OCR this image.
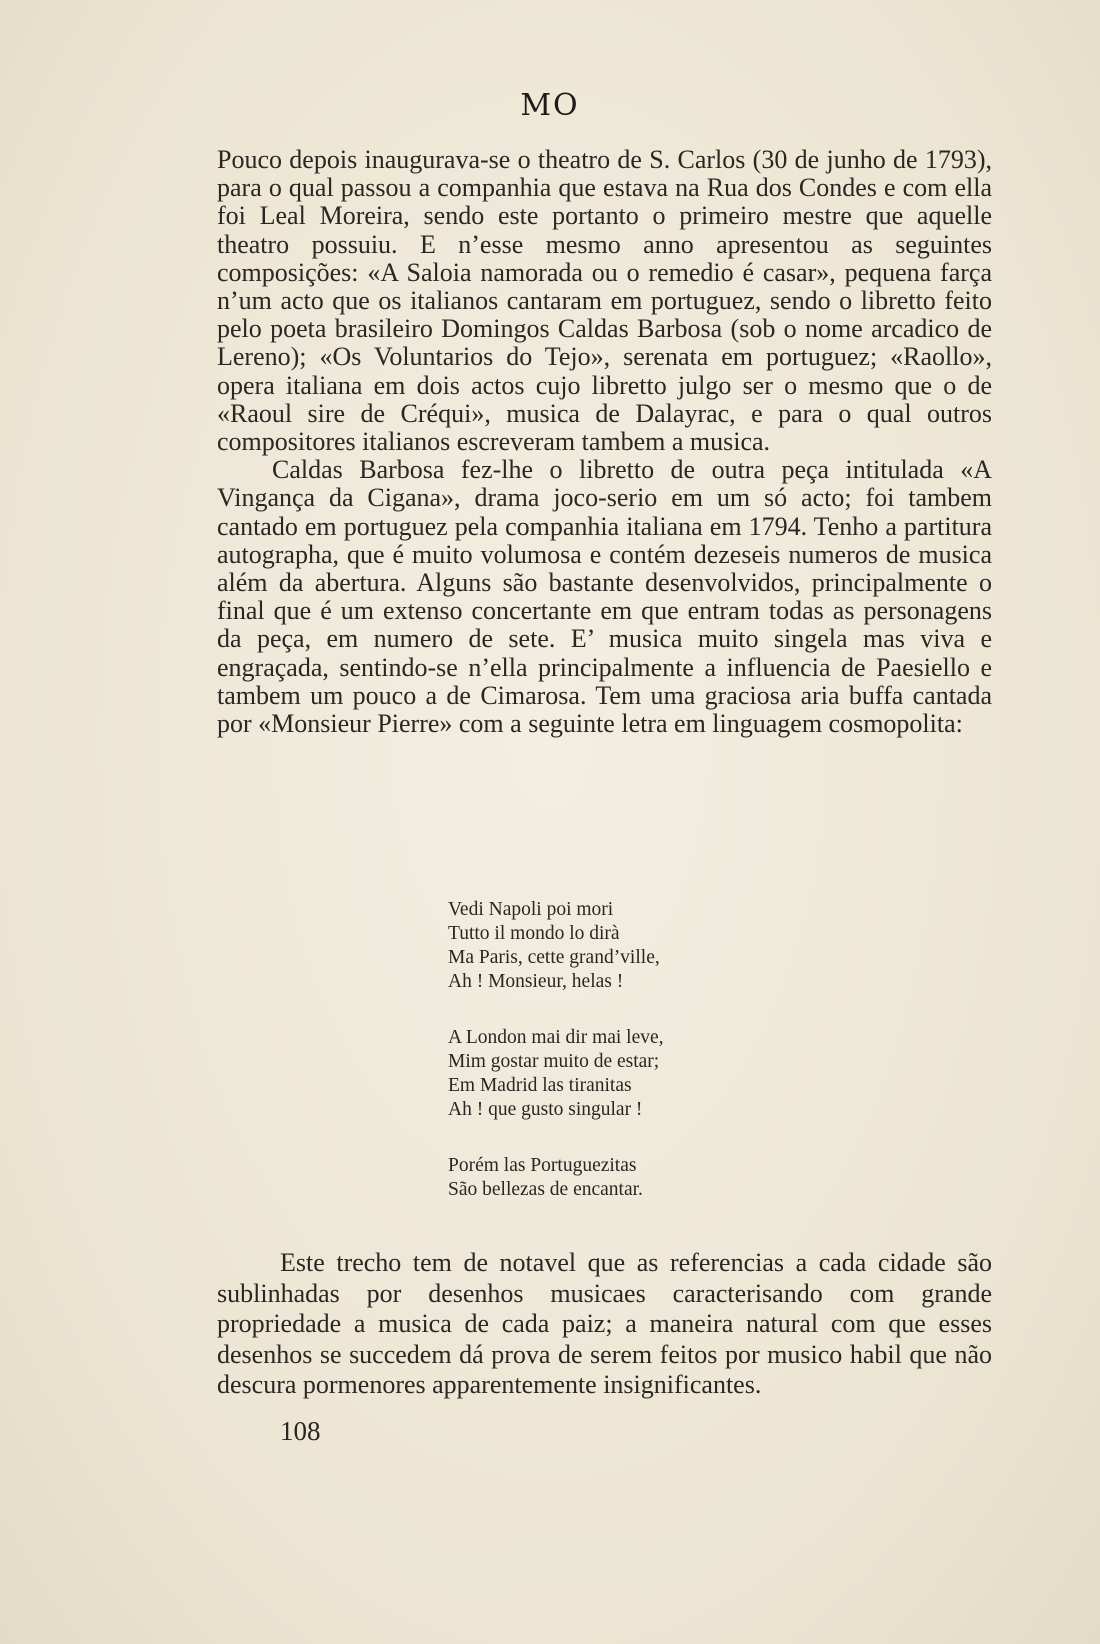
MO

Pouco depois inaugurava-se o theatro de S. Carlos (30 de junho de 1793), para o qual passou a companhia que estava na Rua dos Condes e com ella foi Leal Moreira, sendo este portanto o primeiro mestre que aquelle theatro possuiu. E n’esse mesmo anno apresentou as seguintes composições: «A Saloia namorada ou o remedio é casar», pequena farça n’um acto que os italianos cantaram em portuguez, sendo o libretto feito pelo poeta brasileiro Domingos Caldas Barbosa (sob o nome arcadico de Lereno); «Os Voluntarios do Tejo», serenata em portuguez; «Raollo», opera italiana em dois actos cujo libretto julgo ser o mesmo que o de «Raoul sire de Créqui», musica de Dalayrac, e para o qual outros compositores italianos escreveram tambem a musica.

Caldas Barbosa fez-lhe o libretto de outra peça intitulada «A Vingança da Cigana», drama joco-serio em um só acto; foi tambem cantado em portuguez pela companhia italiana em 1794. Tenho a partitura autographa, que é muito volumosa e contém dezeseis numeros de musica além da abertura. Alguns são bastante desenvolvidos, principalmente o final que é um extenso concertante em que entram todas as personagens da peça, em numero de sete. E’ musica muito singela mas viva e engraçada, sentindo-se n’ella principalmente a influencia de Paesiello e tambem um pouco a de Cimarosa. Tem uma graciosa aria buffa cantada por «Monsieur Pierre» com a seguinte letra em linguagem cosmopolita:

Vedi Napoli poi mori
Tutto il mondo lo dirà
Ma Paris, cette grand’ville,
Ah ! Monsieur, helas !
A London mai dir mai leve,
Mim gostar muito de estar;
Em Madrid las tiranitas
Ah ! que gusto singular !
Porém las Portuguezitas
São bellezas de encantar.

Este trecho tem de notavel que as referencias a cada cidade são sublinhadas por desenhos musicaes caracterisando com grande propriedade a musica de cada paiz; a maneira natural com que esses desenhos se succedem dá prova de serem feitos por musico habil que não descura pormenores apparentemente insignificantes.

108
